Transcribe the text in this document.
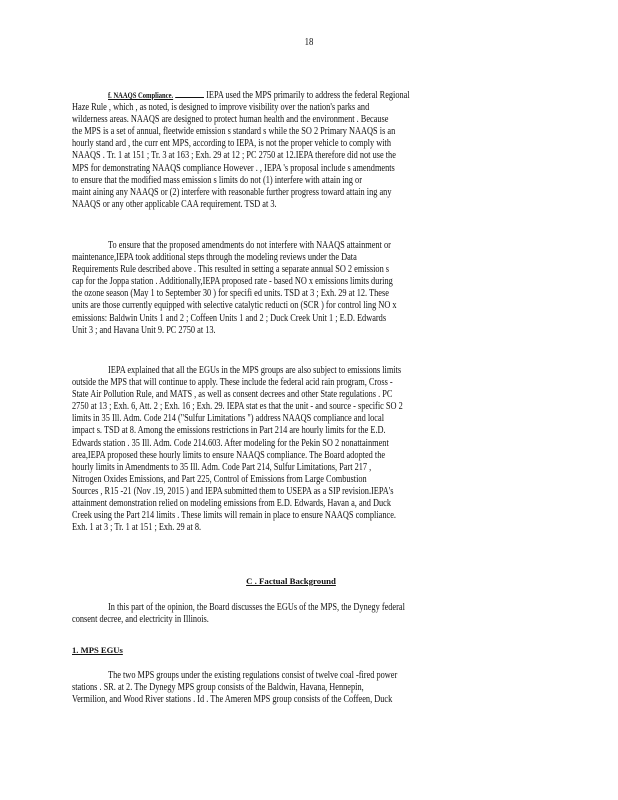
18
f. NAAQS Compliance.	IEPA used the MPS primarily to address the federal Regional
Haze Rule , which , as noted, is designed to improve visibility over the nation's parks and
wilderness areas. NAAQS are designed to protect human health and the environment . Because
the MPS is a set of annual, fleetwide emission s standard s while the SO 2 Primary NAAQS is an
hourly stand ard , the curr ent MPS, according to IEPA, is not the proper vehicle to comply with
NAAQS . Tr. 1 at 151 ; Tr. 3 at 163 ; Exh. 29 at 12 ; PC 2750 at 12.IEPA therefore did not use the
MPS for demonstrating NAAQS compliance However . , IEPA 's proposal include s amendments
to ensure that the modified mass emission s limits do not (1) interfere with attain ing or
maint aining any NAAQS or (2) interfere with reasonable further progress toward attain ing any
NAAQS or any other applicable CAA requirement. TSD at 3.
To ensure that the proposed amendments do not interfere with NAAQS attainment or
maintenance,IEPA took additional steps through the modeling reviews under the Data
Requirements Rule described above . This resulted in setting a separate annual SO 2 emission s
cap for the Joppa station . Additionally,IEPA proposed rate - based NO x emissions limits during
the ozone season (May 1 to September 30 ) for specifi ed units. TSD at 3 ; Exh. 29 at 12. These
units are those currently equipped with selective catalytic reducti on (SCR ) for control ling NO x
emissions: Baldwin Units 1 and 2 ; Coffeen Units 1 and 2 ; Duck Creek Unit 1 ; E.D. Edwards
Unit 3 ; and Havana Unit 9. PC 2750 at 13.
IEPA explained that all the EGUs in the MPS groups are also subject to emissions limits
outside the MPS that will continue to apply. These include the federal acid rain program, Cross -
State Air Pollution Rule, and MATS , as well as consent decrees and other State regulations . PC
2750 at 13 ; Exh. 6, Att. 2 ; Exh. 16 ; Exh. 29. IEPA stat es that the unit - and source - specific SO 2
limits in 35 Ill. Adm. Code 214 ("Sulfur Limitations ") address NAAQS compliance and local
impact s. TSD at 8. Among the emissions restrictions in Part 214 are hourly limits for the E.D.
Edwards station . 35 Ill. Adm. Code 214.603. After modeling for the Pekin SO 2 nonattainment
area,IEPA proposed these hourly limits to ensure NAAQS compliance. The Board adopted the
hourly limits in Amendments to 35 Ill. Adm. Code Part 214, Sulfur Limitations, Part 217 ,
Nitrogen Oxides Emissions, and Part 225, Control of Emissions from Large Combustion
Sources , R15 -21 (Nov .19, 2015 ) and IEPA submitted them to USEPA as a SIP revision.IEPA's
attainment demonstration relied on modeling emissions from E.D. Edwards, Havan a, and Duck
Creek using the Part 214 limits . These limits will remain in place to ensure NAAQS compliance.
Exh. 1 at 3 ; Tr. 1 at 151 ; Exh. 29 at 8.
C . Factual Background
In this part of the opinion, the Board discusses the EGUs of the MPS, the Dynegy federal
consent decree, and electricity in Illinois.
1. MPS EGUs
The two MPS groups under the existing regulations consist of twelve coal -fired power
stations . SR. at 2. The Dynegy MPS group consists of the Baldwin, Havana, Hennepin,
Vermilion, and Wood River stations . Id . The Ameren MPS group consists of the Coffeen, Duck
